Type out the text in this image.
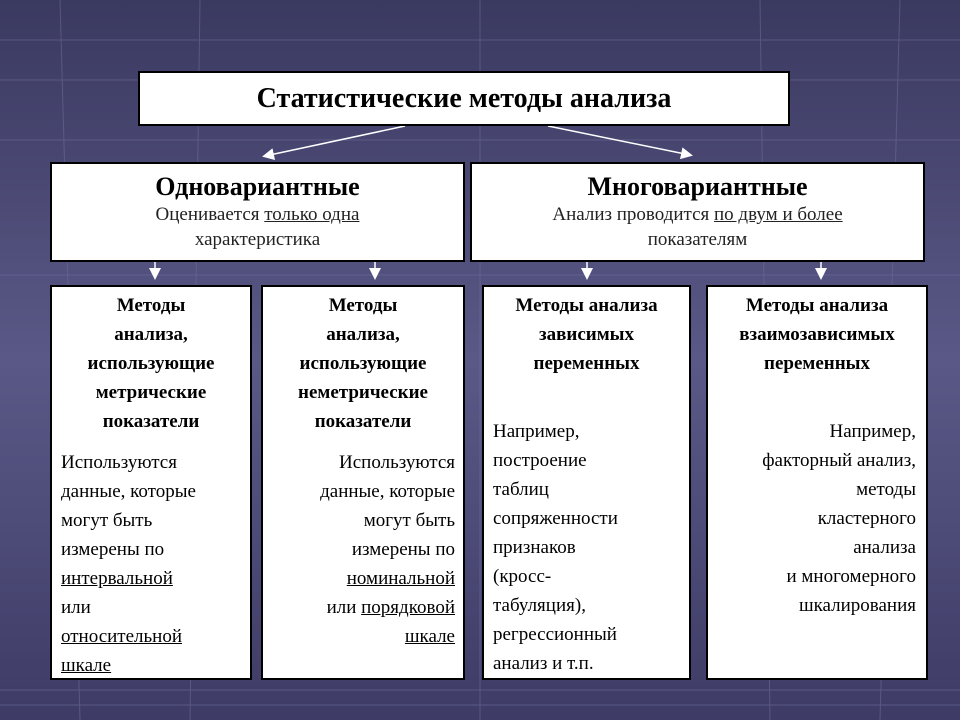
Статистические методы анализа
Одновариантные
Оценивается только одна
характеристика
Многовариантные
Анализ проводится по двум и более
показателям
Методы
анализа,
использующие
метрические
показатели
Используются
данные, которые
могут быть
измерены по
интервальной
или
относительной
шкале
Методы
анализа,
использующие
неметрические
показатели
Используются
данные, которые
могут быть
измерены по
номинальной
или порядковой
шкале
Методы анализа
зависимых
переменных
Например,
построение
таблиц
сопряженности
признаков
(кросс-
табуляция),
регрессионный
анализ и т.п.
Методы анализа
взаимозависимых
переменных
Например,
факторный анализ,
методы
кластерного
анализа
и многомерного
шкалирования
